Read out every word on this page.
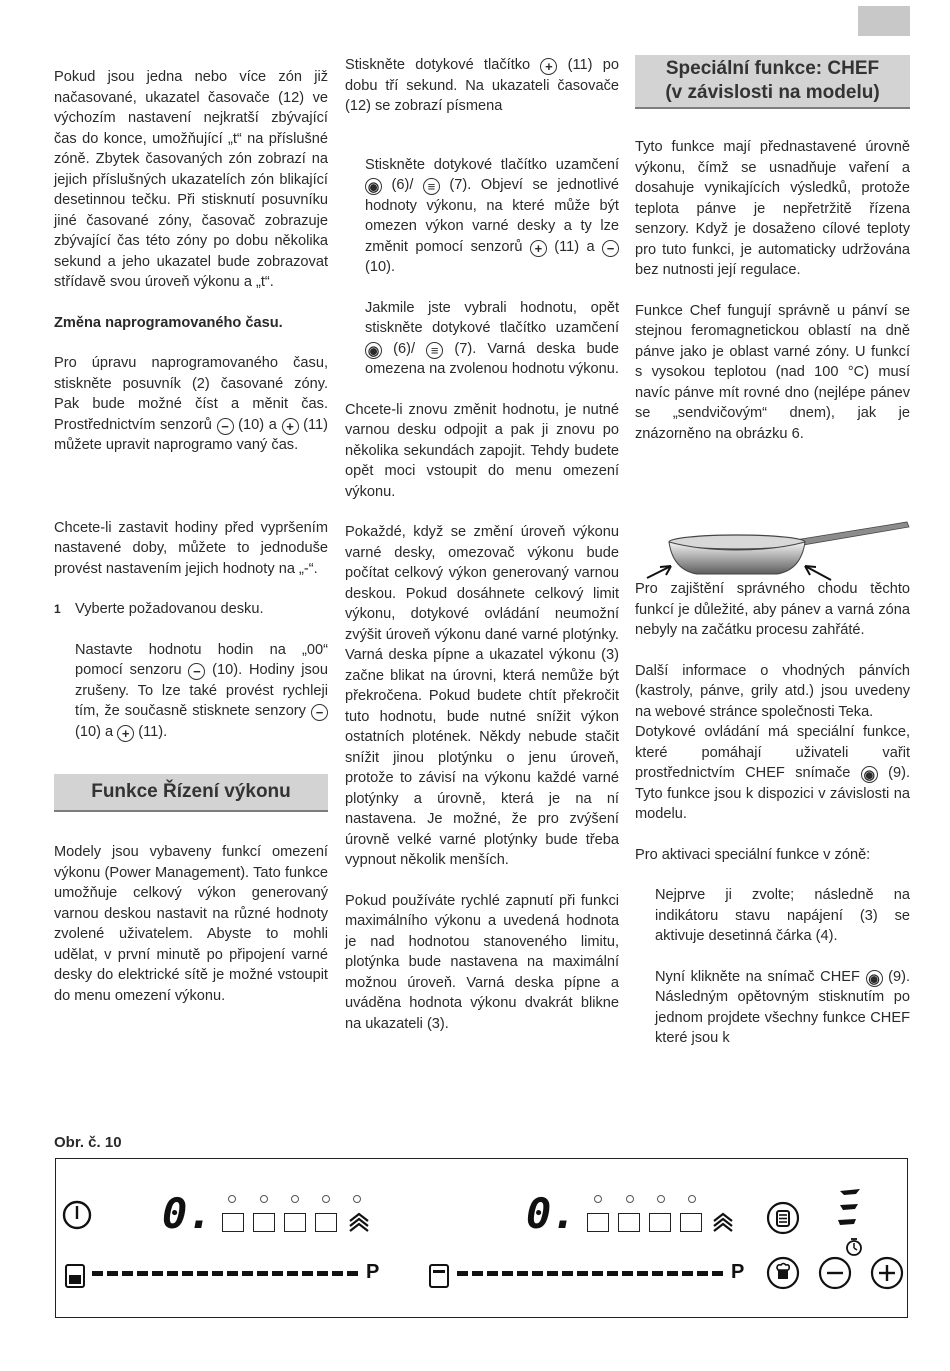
Pokud jsou jedna nebo více zón již načasované, ukazatel časovače (12) ve výchozím nastavení nejkratší zbývající čas do konce, umožňující „t“ na příslušné zóně. Zbytek časovaných zón zobrazí na jejich příslušných ukazatelích zón blikající desetinnou tečku. Při stisknutí posuvníku jiné časované zóny, časovač zobrazuje zbývající čas této zóny po dobu několika sekund a jeho ukazatel bude zobrazovat střídavě svou úroveň výkonu a „t“.

Změna naprogramovaného času.

Pro úpravu naprogramovaného času, stiskněte posuvník (2) časované zóny. Pak bude možné číst a měnit čas. Prostřednictvím senzorů − (10) a + (11) můžete upravit naprogramo vaný čas.

Chcete-li zastavit hodiny před vypršením nastavené doby, můžete to jednoduše provést nastavením jejich hodnoty na „-“.

1 Vyberte požadovanou desku.

Nastavte hodnotu hodin na „00“ pomocí senzoru − (10). Hodiny jsou zrušeny. To lze také provést rychleji tím, že současně stisknete senzory − (10) a + (11).

Funkce Řízení výkonu

Modely jsou vybaveny funkcí omezení výkonu (Power Management). Tato funkce umožňuje celkový výkon generovaný varnou deskou nastavit na různé hodnoty zvolené uživatelem. Abyste to mohli udělat, v první minutě po připojení varné desky do elektrické sítě je možné vstoupit do menu omezení výkonu.

Stiskněte dotykové tlačítko + (11) po dobu tří sekund. Na ukazateli časovače (12) se zobrazí písmena

Stiskněte dotykové tlačítko uzamčení ◉ (6)/ ≡ (7). Objeví se jednotlivé hodnoty výkonu, na které může být omezen výkon varné desky a ty lze změnit pomocí senzorů + (11) a − (10).

Jakmile jste vybrali hodnotu, opět stiskněte dotykové tlačítko uzamčení ◉ (6)/ ≡ (7). Varná deska bude omezena na zvolenou hodnotu výkonu.

Chcete-li znovu změnit hodnotu, je nutné varnou desku odpojit a pak ji znovu po několika sekundách zapojit. Tehdy budete opět moci vstoupit do menu omezení výkonu.

Pokaždé, když se změní úroveň výkonu varné desky, omezovač výkonu bude počítat celkový výkon generovaný varnou deskou. Pokud dosáhnete celkový limit výkonu, dotykové ovládání neumožní zvýšit úroveň výkonu dané varné plotýnky. Varná deska pípne a ukazatel výkonu (3) začne blikat na úrovni, která nemůže být překročena. Pokud budete chtít překročit tuto hodnotu, bude nutné snížit výkon ostatních plotének. Někdy nebude stačit snížit jinou plotýnku o jenu úroveň, protože to závisí na výkonu každé varné plotýnky a úrovně, která je na ní nastavena. Je možné, že pro zvýšení úrovně velké varné plotýnky bude třeba vypnout několik menších.

Pokud používáte rychlé zapnutí při funkci maximálního výkonu a uvedená hodnota je nad hodnotou stanoveného limitu, plotýnka bude nastavena na maximální možnou úroveň. Varná deska pípne a uváděna hodnota výkonu dvakrát blikne na ukazateli (3).

Speciální funkce: CHEF
(v závislosti na modelu)

Tyto funkce mají přednastavené úrovně výkonu, čímž se usnadňuje vaření a dosahuje vynikajících výsledků, protože teplota pánve je nepřetržitě řízena senzory. Když je dosaženo cílové teploty pro tuto funkci, je automaticky udržována bez nutnosti její regulace.

Funkce Chef fungují správně u pánví se stejnou feromagnetickou oblastí na dně pánve jako je oblast varné zóny. U funkcí s vysokou teplotou (nad 100 °C) musí navíc pánve mít rovné dno (nejlépe pánev se „sendvičovým“ dnem), jak je znázorněno na obrázku 6.

Pro zajištění správného chodu těchto funkcí je důležité, aby pánev a varná zóna nebyly na začátku procesu zahřáté.

Další informace o vhodných pánvích (kastroly, pánve, grily atd.) jsou uvedeny na webové stránce společnosti Teka.

Dotykové ovládání má speciální funkce, které pomáhají uživateli vařit prostřednictvím CHEF snímače ◉ (9). Tyto funkce jsou k dispozici v závislosti na modelu.

Pro aktivaci speciální funkce v zóně:

Nejprve ji zvolte; následně na indikátoru stavu napájení (3) se aktivuje desetinná čárka (4).

Nyní klikněte na snímač CHEF ◉ (9). Následným opětovným stisknutím po jednom projdete všechny funkce CHEF které jsou k

Obr. č. 10
0.
P
0.
P
